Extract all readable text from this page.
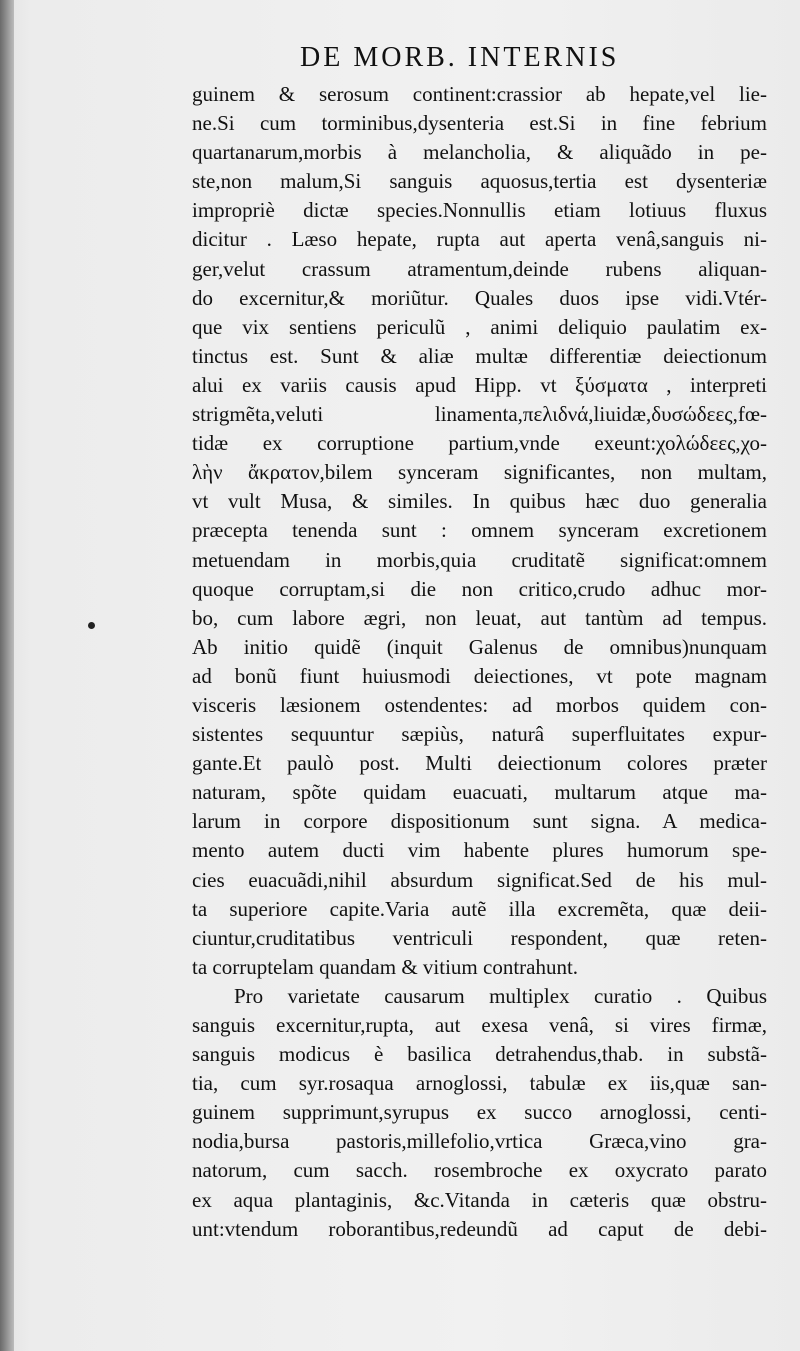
DE MORB. INTERNIS
guinem & serosum continent:crassior ab hepate,vel lie-
ne.Si cum torminibus,dysenteria est.Si in fine febrium
quartanarum,morbis à melancholia, & aliquãdo in pe-
ste,non malum,Si sanguis aquosus,tertia est dysenteriæ
impropriè dictæ species.Nonnullis etiam lotiuus fluxus
dicitur . Læso hepate, rupta aut aperta venâ,sanguis ni-
ger,velut crassum atramentum,deinde rubens aliquan-
do excernitur,& moriũtur. Quales duos ipse vidi.Vtér-
que vix sentiens periculũ , animi deliquio paulatim ex-
tinctus est. Sunt & aliæ multæ differentiæ deiectionum
alui ex variis causis apud Hipp. vt ξύσματα , interpreti
strigmẽta,veluti linamenta,πελιδνά,liuidæ,δυσώδεες,fœ-
tidæ ex corruptione partium,vnde exeunt:χολώδεες,χο-
λὴν ἄκρατον,bilem synceram significantes, non multam,
vt vult Musa, & similes. In quibus hæc duo generalia
præcepta tenenda sunt : omnem synceram excretionem
metuendam in morbis,quia cruditatẽ significat:omnem
quoque corruptam,si die non critico,crudo adhuc mor-
bo, cum labore ægri, non leuat, aut tantùm ad tempus.
Ab initio quidẽ (inquit Galenus de omnibus)nunquam
ad bonũ fiunt huiusmodi deiectiones, vt pote magnam
visceris læsionem ostendentes: ad morbos quidem con-
sistentes sequuntur sæpiùs, naturâ superfluitates expur-
gante.Et paulò post. Multi deiectionum colores præter
naturam, spõte quidam euacuati, multarum atque ma-
larum in corpore dispositionum sunt signa. A medica-
mento autem ducti vim habente plures humorum spe-
cies euacuãdi,nihil absurdum significat.Sed de his mul-
ta superiore capite.Varia autẽ illa excremẽta, quæ deii-
ciuntur,cruditatibus ventriculi respondent, quæ reten-
ta corruptelam quandam & vitium contrahunt.
Pro varietate causarum multiplex curatio . Quibus
sanguis excernitur,rupta, aut exesa venâ, si vires firmæ,
sanguis modicus è basilica detrahendus,thab. in substã-
tia, cum syr.rosaqua arnoglossi, tabulæ ex iis,quæ san-
guinem supprimunt,syrupus ex succo arnoglossi, centi-
nodia,bursa pastoris,millefolio,vrtica Græca,vino gra-
natorum, cum sacch. rosembroche ex oxycrato parato
ex aqua plantaginis, &c.Vitanda in cæteris quæ obstru-
unt:vtendum roborantibus,redeundũ ad caput de debi-
